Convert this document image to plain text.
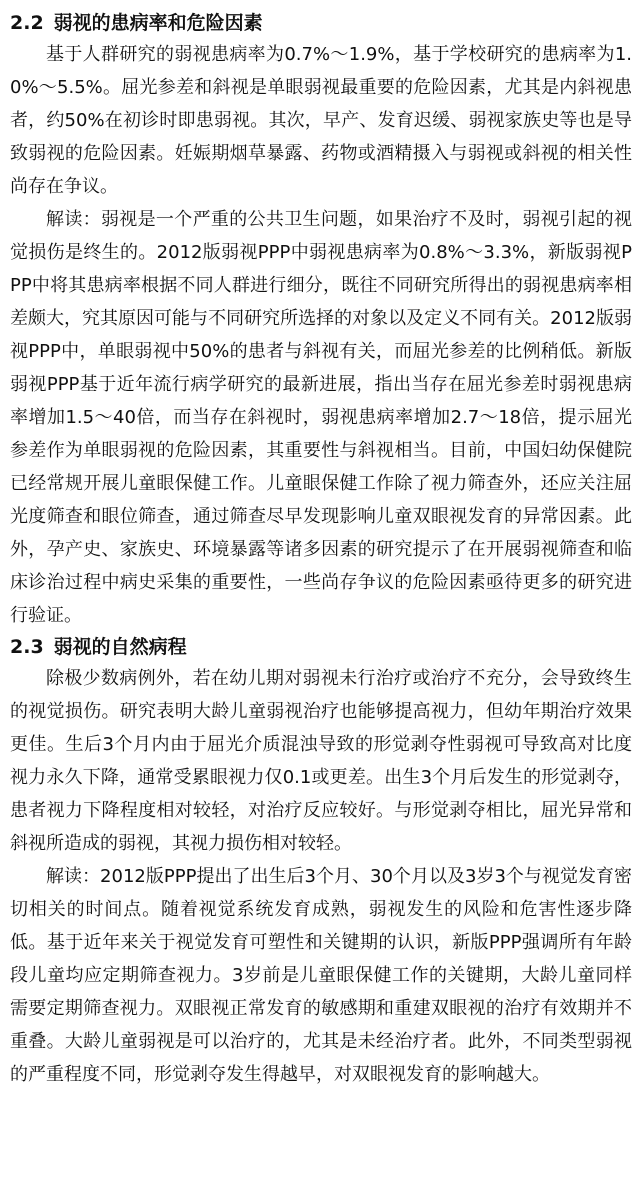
2.2 弱视的患病率和危险因素

基于人群研究的弱视患病率为0.7%～1.9%，基于学校研究的患病率为1.0%～5.5%。屈光参差和斜视是单眼弱视最重要的危险因素，尤其是内斜视患者，约50%在初诊时即患弱视。其次，早产、发育迟缓、弱视家族史等也是导致弱视的危险因素。妊娠期烟草暴露、药物或酒精摄入与弱视或斜视的相关性尚存在争议。

解读：弱视是一个严重的公共卫生问题，如果治疗不及时，弱视引起的视觉损伤是终生的。2012版弱视PPP中弱视患病率为0.8%～3.3%，新版弱视PPP中将其患病率根据不同人群进行细分，既往不同研究所得出的弱视患病率相差颇大，究其原因可能与不同研究所选择的对象以及定义不同有关。2012版弱视PPP中，单眼弱视中50%的患者与斜视有关，而屈光参差的比例稍低。新版弱视PPP基于近年流行病学研究的最新进展，指出当存在屈光参差时弱视患病率增加1.5～40倍，而当存在斜视时，弱视患病率增加2.7～18倍，提示屈光参差作为单眼弱视的危险因素，其重要性与斜视相当。目前，中国妇幼保健院已经常规开展儿童眼保健工作。儿童眼保健工作除了视力筛查外，还应关注屈光度筛查和眼位筛查，通过筛查尽早发现影响儿童双眼视发育的异常因素。此外，孕产史、家族史、环境暴露等诸多因素的研究提示了在开展弱视筛查和临床诊治过程中病史采集的重要性，一些尚存争议的危险因素亟待更多的研究进行验证。

2.3 弱视的自然病程

除极少数病例外，若在幼儿期对弱视未行治疗或治疗不充分，会导致终生的视觉损伤。研究表明大龄儿童弱视治疗也能够提高视力，但幼年期治疗效果更佳。生后3个月内由于屈光介质混浊导致的形觉剥夺性弱视可导致高对比度视力永久下降，通常受累眼视力仅0.1或更差。出生3个月后发生的形觉剥夺，患者视力下降程度相对较轻，对治疗反应较好。与形觉剥夺相比，屈光异常和斜视所造成的弱视，其视力损伤相对较轻。

解读：2012版PPP提出了出生后3个月、30个月以及3岁3个与视觉发育密切相关的时间点。随着视觉系统发育成熟，弱视发生的风险和危害性逐步降低。基于近年来关于视觉发育可塑性和关键期的认识，新版PPP强调所有年龄段儿童均应定期筛查视力。3岁前是儿童眼保健工作的关键期，大龄儿童同样需要定期筛查视力。双眼视正常发育的敏感期和重建双眼视的治疗有效期并不重叠。大龄儿童弱视是可以治疗的，尤其是未经治疗者。此外，不同类型弱视的严重程度不同，形觉剥夺发生得越早，对双眼视发育的影响越大。
